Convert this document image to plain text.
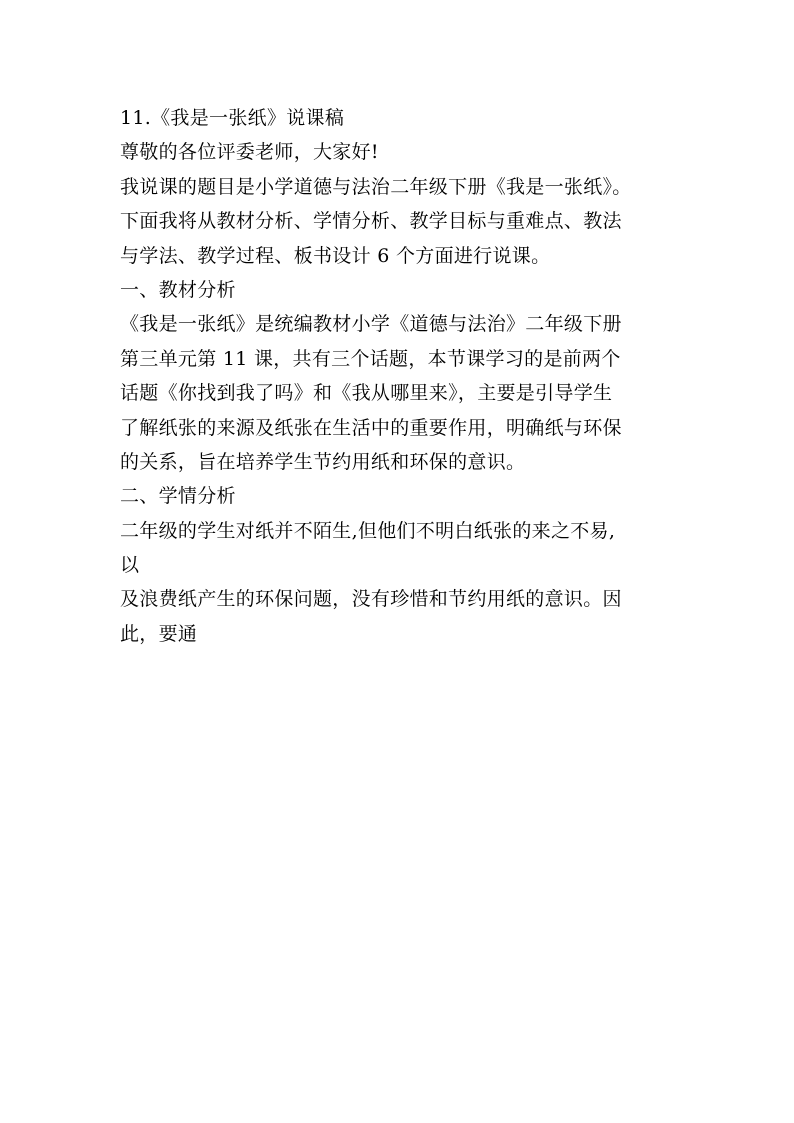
11.《我是一张纸》说课稿
尊敬的各位评委老师，大家好!
我说课的题目是小学道德与法治二年级下册《我是一张纸》。
下面我将从教材分析、学情分析、教学目标与重难点、教法
与学法、教学过程、板书设计 6 个方面进行说课。
一、教材分析
《我是一张纸》是统编教材小学《道德与法治》二年级下册
第三单元第 11 课，共有三个话题，本节课学习的是前两个
话题《你找到我了吗》和《我从哪里来》，主要是引导学生
了解纸张的来源及纸张在生活中的重要作用，明确纸与环保
的关系，旨在培养学生节约用纸和环保的意识。
二、学情分析
二年级的学生对纸并不陌生,但他们不明白纸张的来之不易,
以
及浪费纸产生的环保问题，没有珍惜和节约用纸的意识。因
此，要通
